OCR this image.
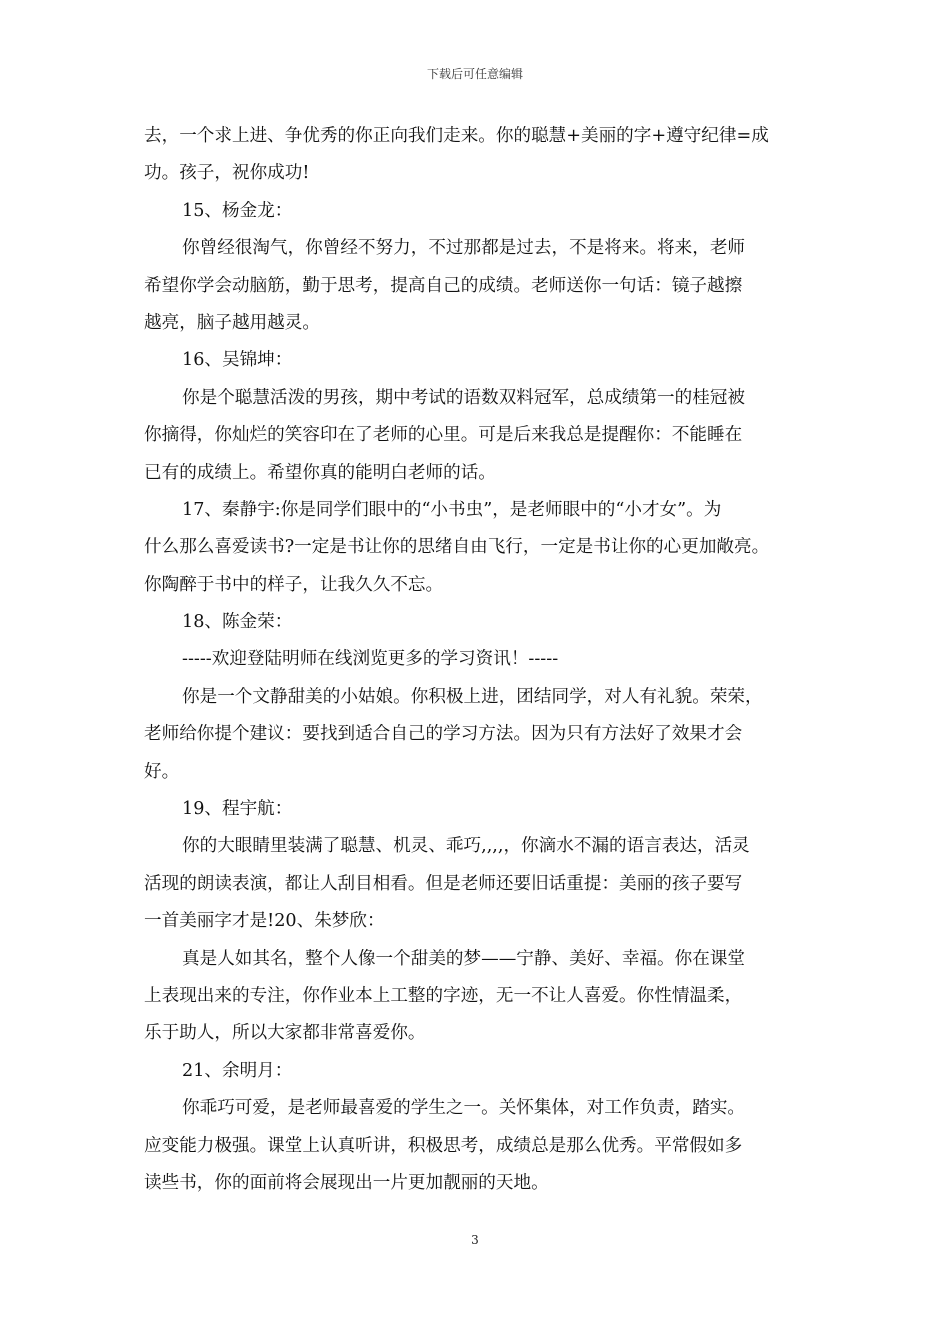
下载后可任意编辑
去，一个求上进、争优秀的你正向我们走来。你的聪慧+美丽的字+遵守纪律=成
功。孩子，祝你成功!
15、杨金龙：
你曾经很淘气，你曾经不努力，不过那都是过去，不是将来。将来，老师
希望你学会动脑筋，勤于思考，提高自己的成绩。老师送你一句话：镜子越擦
越亮，脑子越用越灵。
16、吴锦坤：
你是个聪慧活泼的男孩，期中考试的语数双料冠军，总成绩第一的桂冠被
你摘得，你灿烂的笑容印在了老师的心里。可是后来我总是提醒你：不能睡在
已有的成绩上。希望你真的能明白老师的话。
17、秦静宇:你是同学们眼中的“小书虫”，是老师眼中的“小才女”。为
什么那么喜爱读书?一定是书让你的思绪自由飞行，一定是书让你的心更加敞亮。
你陶醉于书中的样子，让我久久不忘。
18、陈金荣：
-----欢迎登陆明师在线浏览更多的学习资讯！-----
你是一个文静甜美的小姑娘。你积极上进，团结同学，对人有礼貌。荣荣，
老师给你提个建议：要找到适合自己的学习方法。因为只有方法好了效果才会
好。
19、程宇航：
你的大眼睛里装满了聪慧、机灵、乖巧,,,,，你滴水不漏的语言表达，活灵
活现的朗读表演，都让人刮目相看。但是老师还要旧话重提：美丽的孩子要写
一首美丽字才是!20、朱梦欣：
真是人如其名，整个人像一个甜美的梦——宁静、美好、幸福。你在课堂
上表现出来的专注，你作业本上工整的字迹，无一不让人喜爱。你性情温柔，
乐于助人，所以大家都非常喜爱你。
21、余明月：
你乖巧可爱，是老师最喜爱的学生之一。关怀集体，对工作负责，踏实。
应变能力极强。课堂上认真听讲，积极思考，成绩总是那么优秀。平常假如多
读些书，你的面前将会展现出一片更加靓丽的天地。
3
